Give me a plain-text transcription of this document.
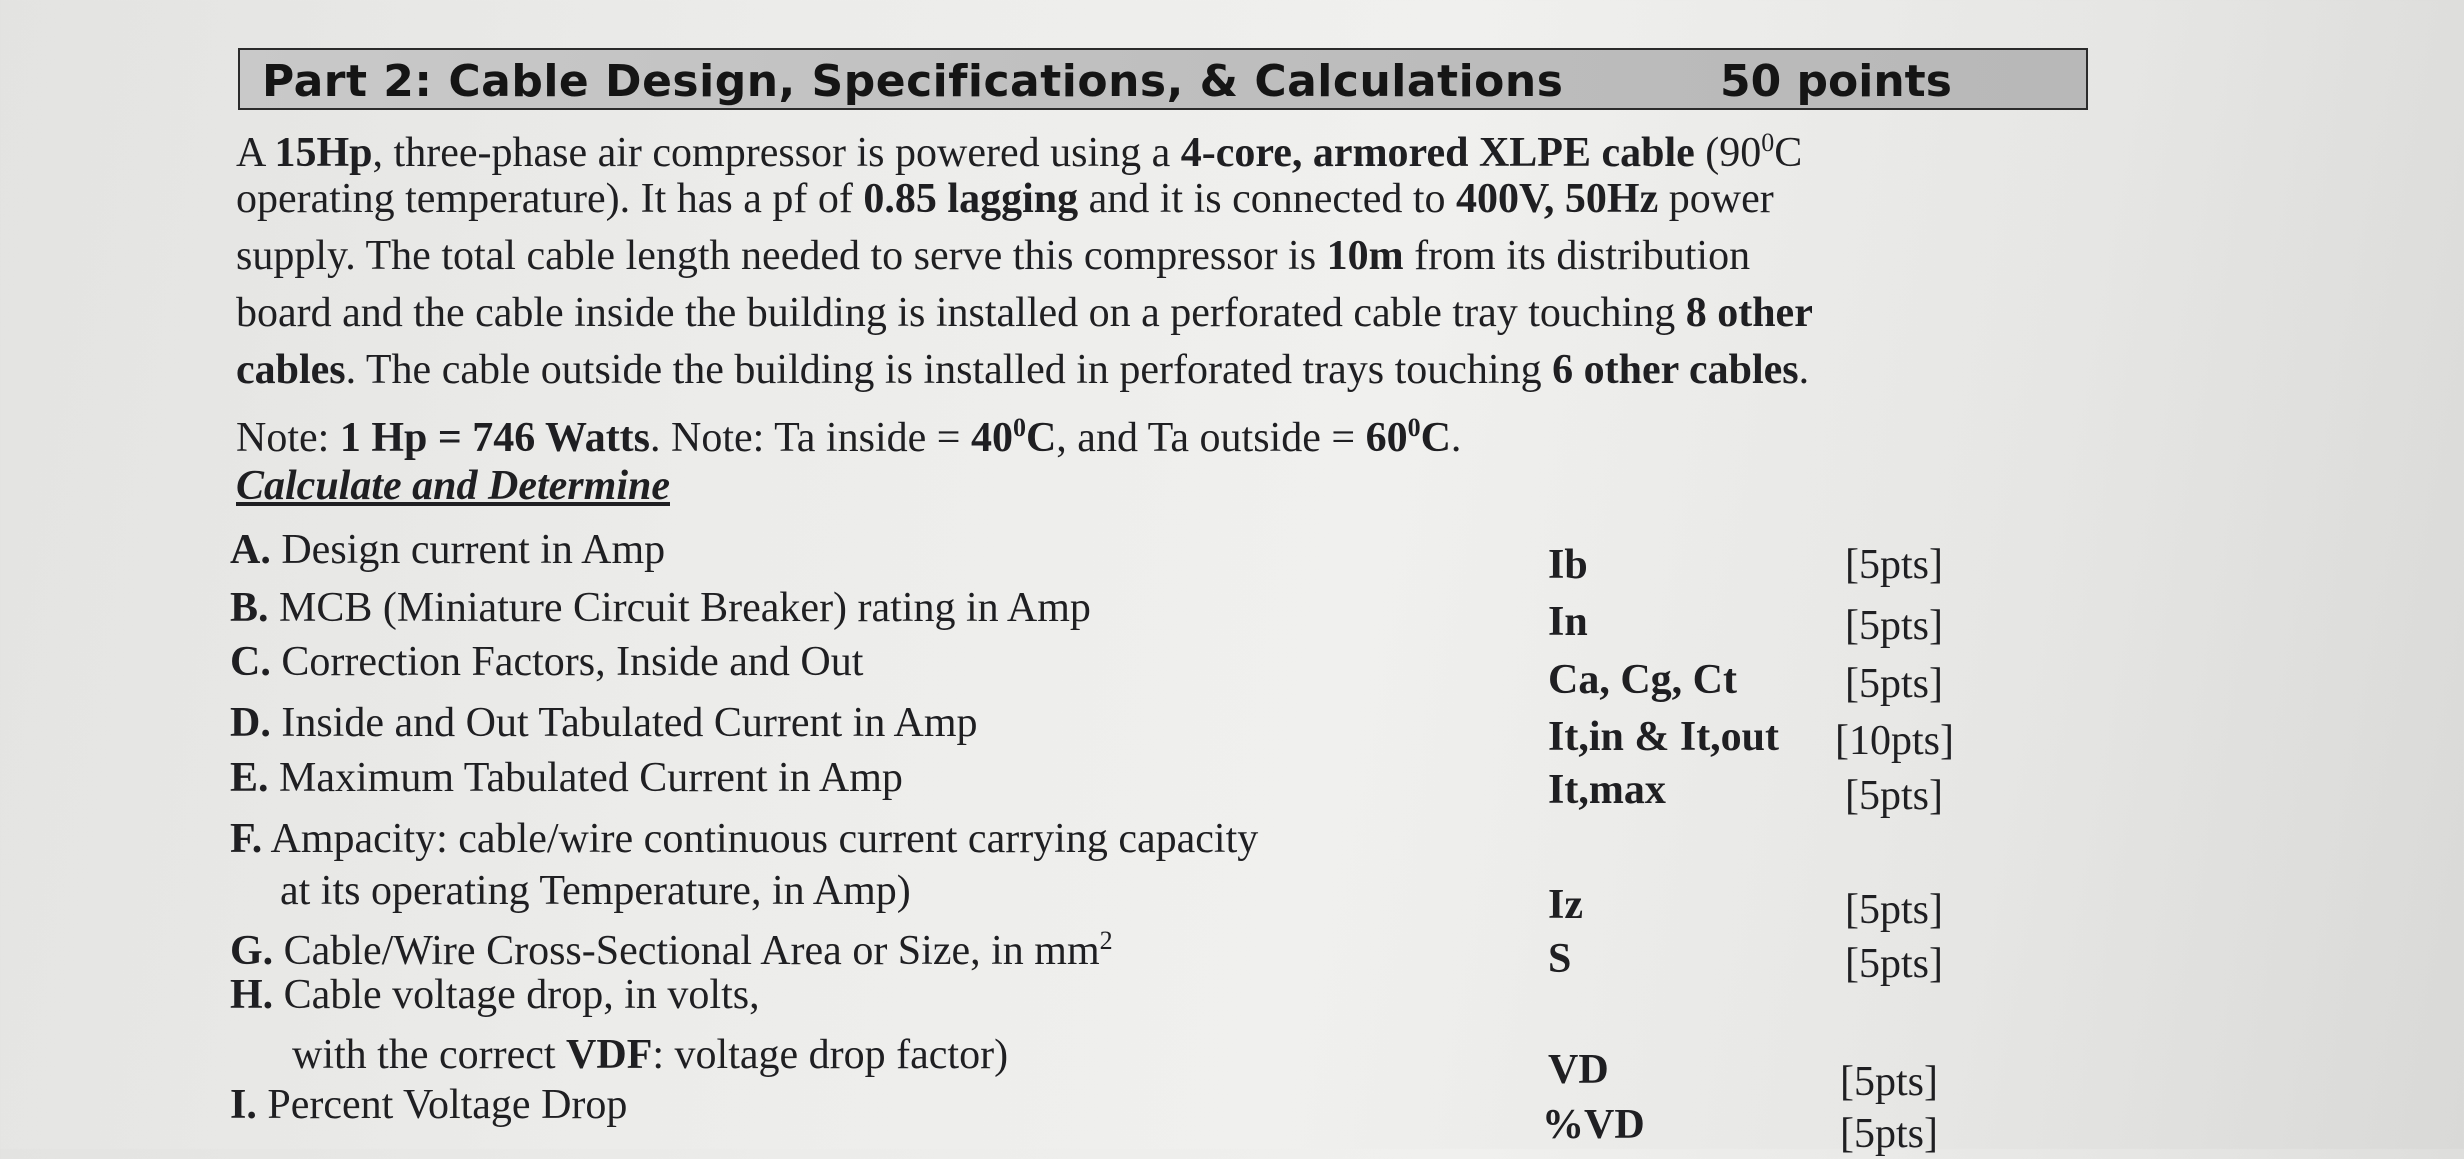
Part 2: Cable Design, Specifications, & Calculations	50 points
A 15Hp, three-phase air compressor is powered using a 4-core, armored XLPE cable ($90^0C$
operating temperature). It has a pf of 0.85 lagging and it is connected to 400V, 50Hz power
supply. The total cable length needed to serve this compressor is 10m from its distribution
board and the cable inside the building is installed on a perforated cable tray touching 8 other
cables. The cable outside the building is installed in perforated trays touching 6 other cables.
Note: 1 Hp = 746 Watts. Note: Ta inside = $40^0C$, and Ta outside = $60^0C$.
Calculate and Determine
A. Design current in Amp	Ib	[5pts]
B. MCB (Miniature Circuit Breaker) rating in Amp	In	[5pts]
C. Correction Factors, Inside and Out	Ca, Cg, Ct	[5pts]
D. Inside and Out Tabulated Current in Amp	It,in & It,out [10pts]
E. Maximum Tabulated Current in Amp	It,max	[5pts]
F. Ampacity: cable/wire continuous current carrying capacity
at its operating Temperature, in Amp)	Iz	[5pts]
G. Cable/Wire Cross-Sectional Area or Size, in $mm^2$	S	[5pts]
H. Cable voltage drop, in volts,
with the correct VDF: voltage drop factor)	VD	[5pts]
I. Percent Voltage Drop	%VD	[5pts]
